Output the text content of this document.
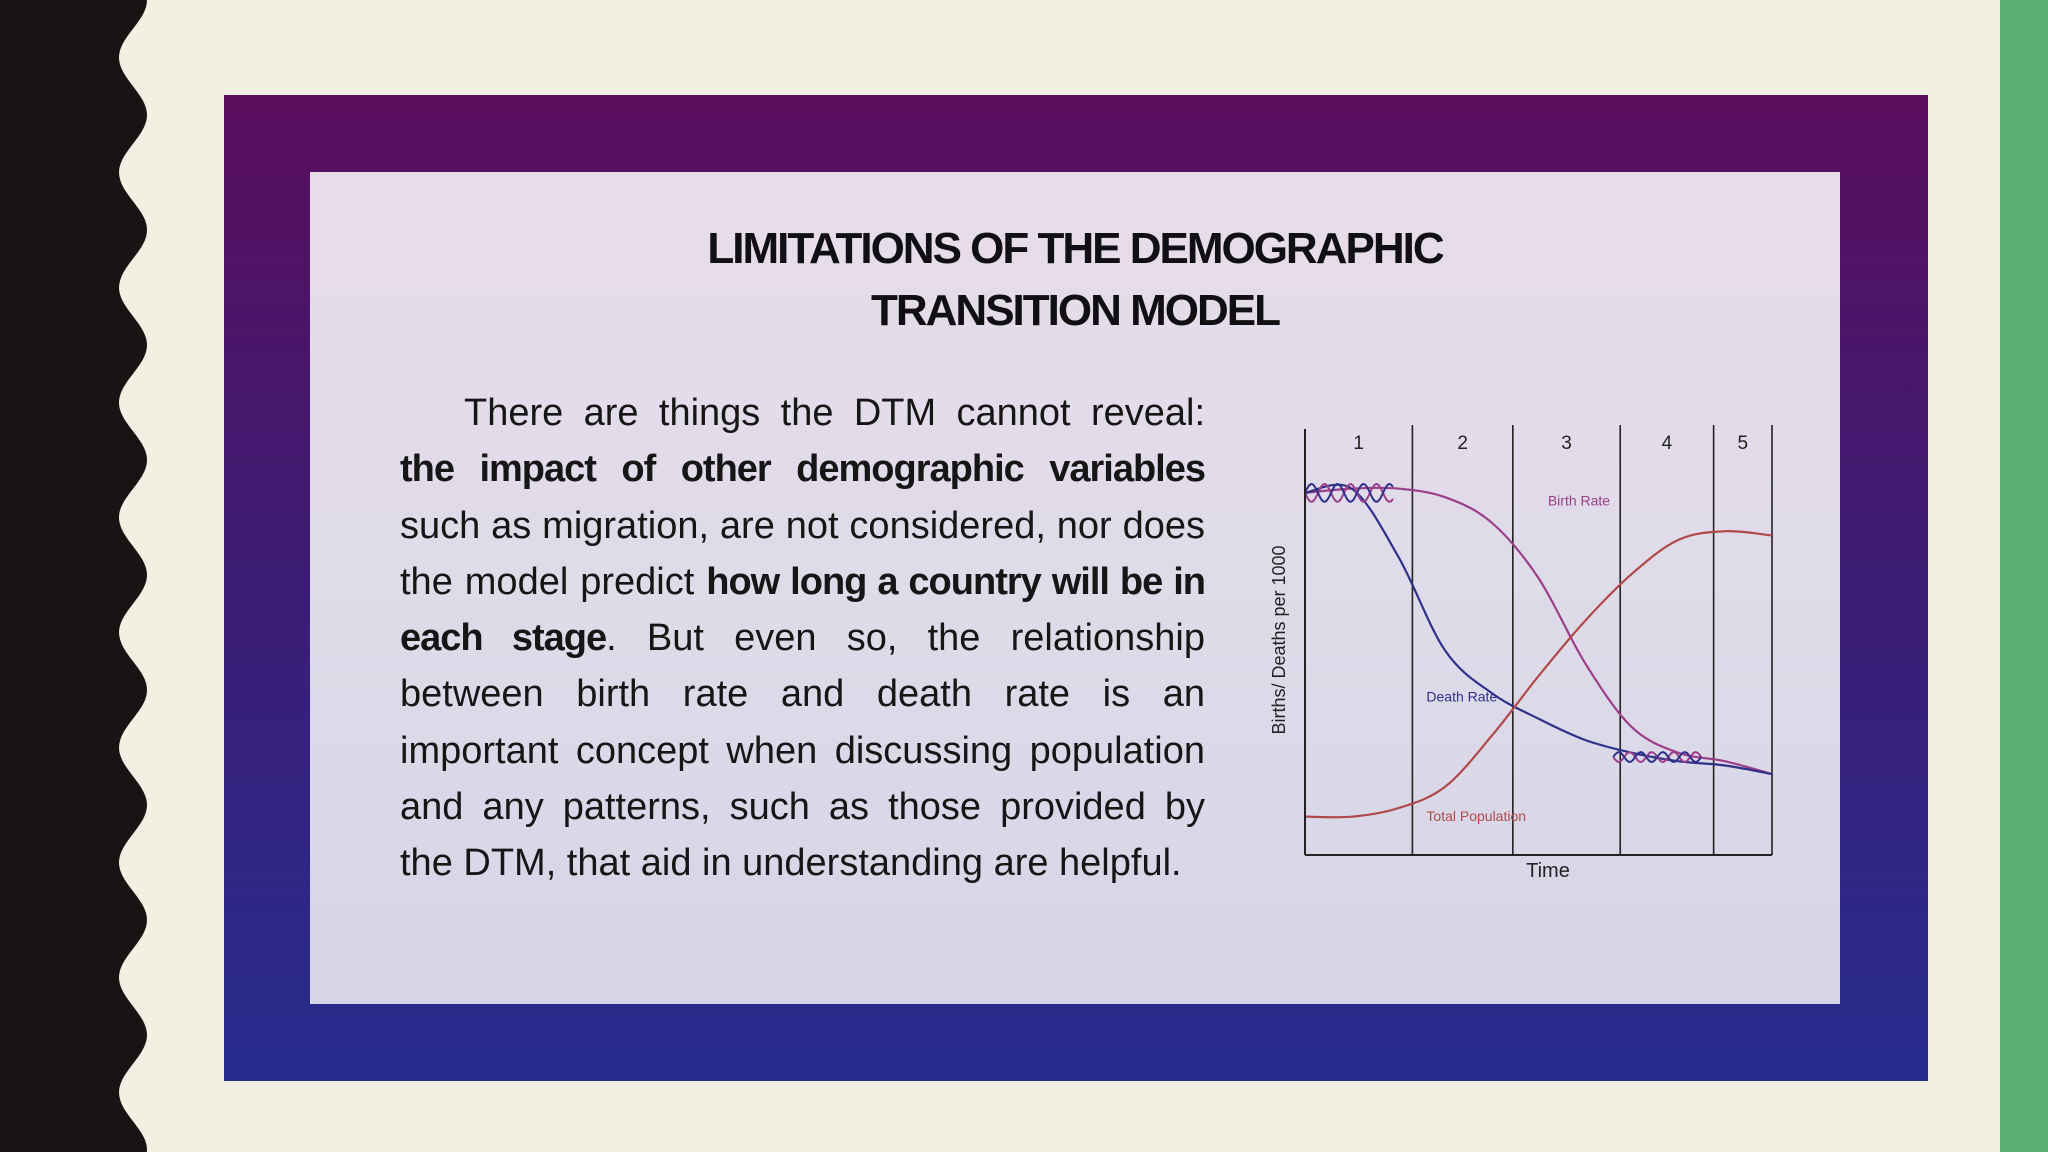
LIMITATIONS OF THE DEMOGRAPHIC
TRANSITION MODEL
There are things the DTM cannot reveal: the impact of other demographic variables such as migration, are not considered, nor does the model predict how long a country will be in each stage. But even so, the relationship between birth rate and death rate is an important concept when discussing population and any patterns, such as those provided by the DTM, that aid in understanding are helpful.
1	2	3	4	5
Birth Rate
Death Rate
Total Population
Time
Births/ Deaths per 1000
